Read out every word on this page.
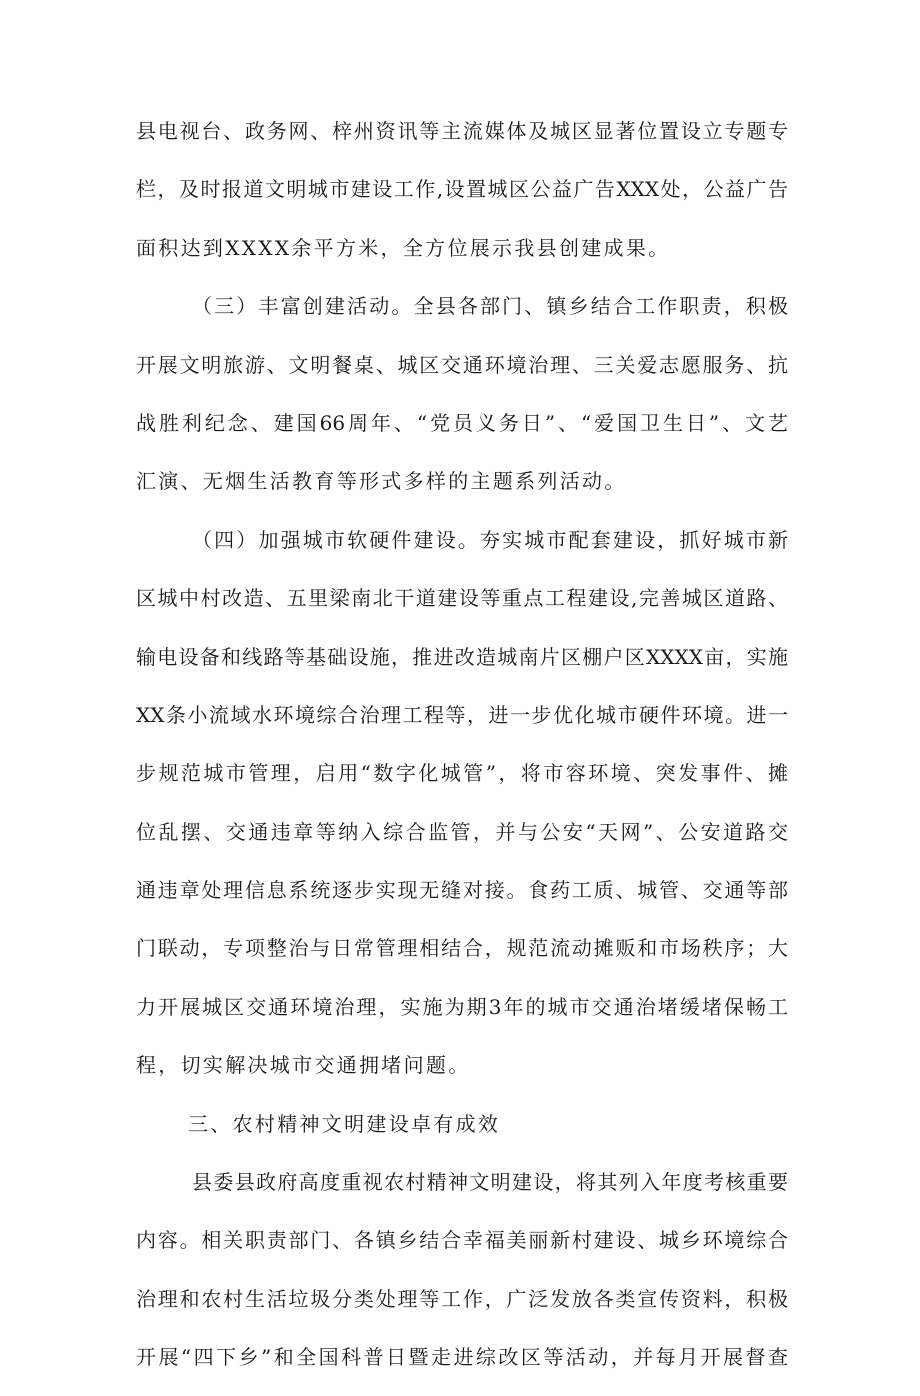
县电视台、政务网、梓州资讯等主流媒体及城区显著位置设立专题专
栏，及时报道文明城市建设工作,设置城区公益广告XXX处，公益广告
面积达到XXXX余平方米，全方位展示我县创建成果。
（三）丰富创建活动。全县各部门、镇乡结合工作职责，积极
开展文明旅游、文明餐桌、城区交通环境治理、三关爱志愿服务、抗
战胜利纪念、建国66周年、“党员义务日”、“爱国卫生日”、文艺
汇演、无烟生活教育等形式多样的主题系列活动。
（四）加强城市软硬件建设。夯实城市配套建设，抓好城市新
区城中村改造、五里梁南北干道建设等重点工程建设,完善城区道路、
输电设备和线路等基础设施，推进改造城南片区棚户区XXXX亩，实施
XX条小流域水环境综合治理工程等，进一步优化城市硬件环境。进一
步规范城市管理，启用“数字化城管”，将市容环境、突发事件、摊
位乱摆、交通违章等纳入综合监管，并与公安“天网”、公安道路交
通违章处理信息系统逐步实现无缝对接。食药工质、城管、交通等部
门联动，专项整治与日常管理相结合，规范流动摊贩和市场秩序；大
力开展城区交通环境治理，实施为期3年的城市交通治堵缓堵保畅工
程，切实解决城市交通拥堵问题。
三、农村精神文明建设卓有成效
县委县政府高度重视农村精神文明建设，将其列入年度考核重要
内容。相关职责部门、各镇乡结合幸福美丽新村建设、城乡环境综合
治理和农村生活垃圾分类处理等工作，广泛发放各类宣传资料，积极
开展“四下乡”和全国科普日暨走进综改区等活动，并每月开展督查
